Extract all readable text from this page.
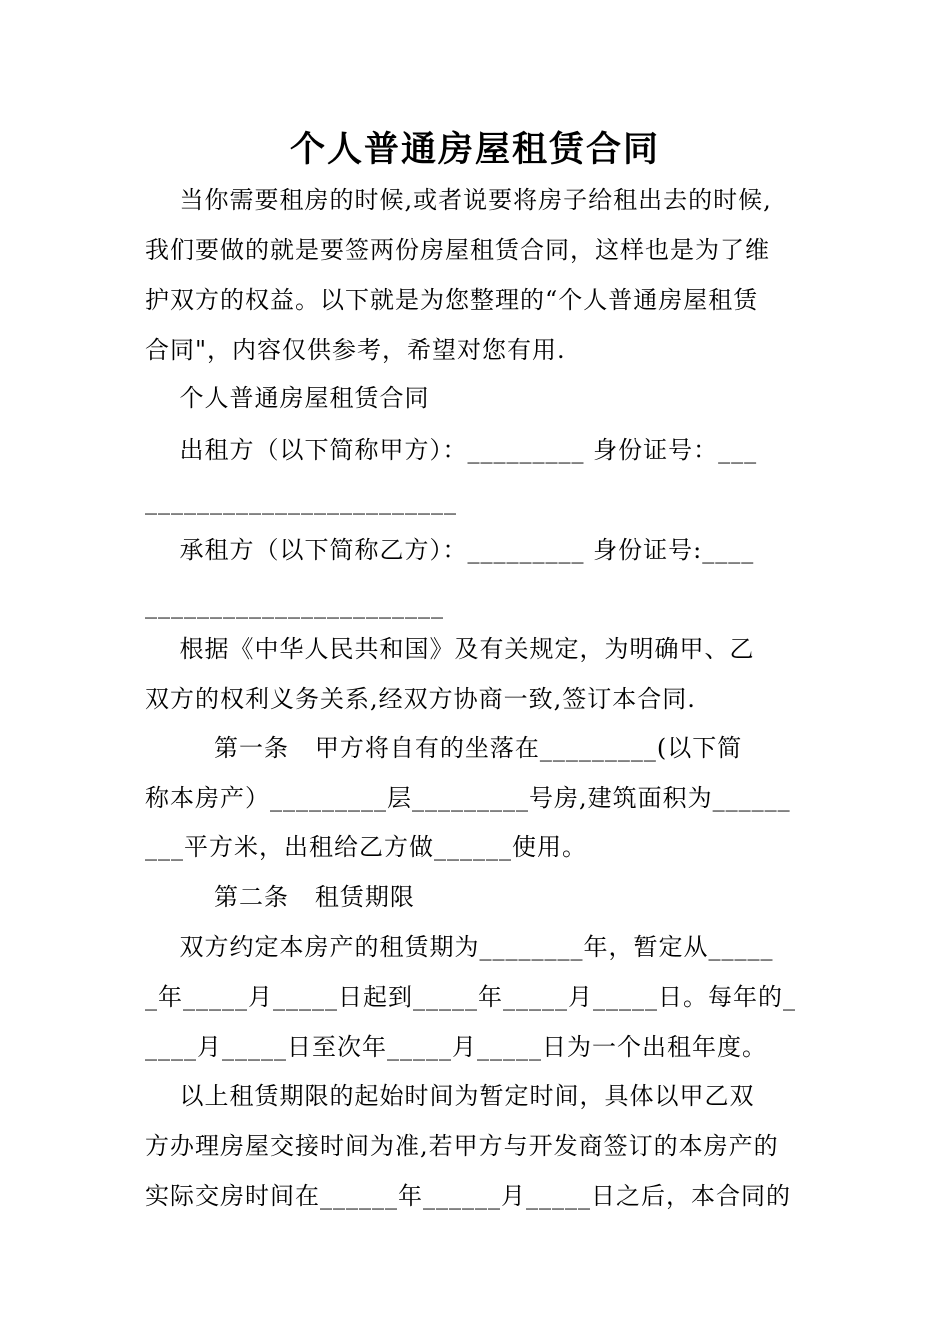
个人普通房屋租赁合同
当你需要租房的时候,或者说要将房子给租出去的时候,
我们要做的就是要签两份房屋租赁合同，这样也是为了维
护双方的权益。以下就是为您整理的“个人普通房屋租赁
合同"，内容仅供参考，希望对您有用.
个人普通房屋租赁合同
出租方（以下简称甲方）：_________ 身份证号：___
________________________
承租方（以下简称乙方）：_________ 身份证号:____
_______________________
根据《中华人民共和国》及有关规定，为明确甲、乙
双方的权利义务关系,经双方协商一致,签订本合同.
第一条   甲方将自有的坐落在_________(以下简
称本房产）_________层_________号房,建筑面积为______
___平方米，出租给乙方做______使用。
第二条   租赁期限
双方约定本房产的租赁期为________年，暂定从_____
_年_____月_____日起到_____年_____月_____日。每年的_
____月_____日至次年_____月_____日为一个出租年度。
以上租赁期限的起始时间为暂定时间，具体以甲乙双
方办理房屋交接时间为准,若甲方与开发商签订的本房产的
实际交房时间在______年______月_____日之后，本合同的
